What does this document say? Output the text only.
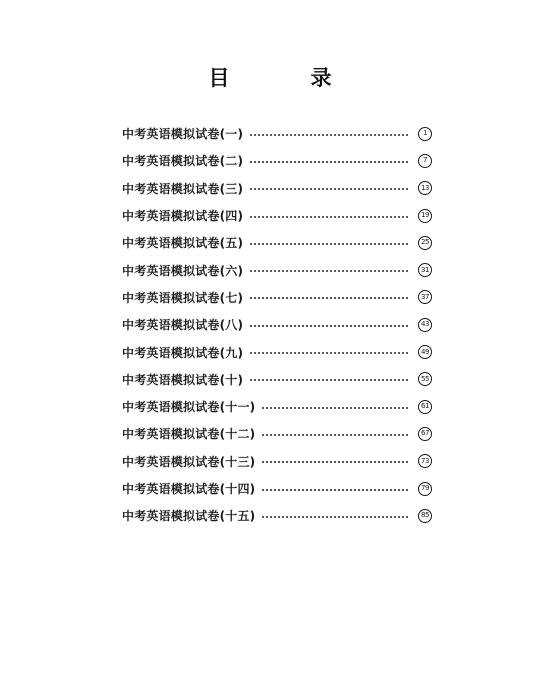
目　录
中考英语模拟试卷(一)	1
中考英语模拟试卷(二)	7
中考英语模拟试卷(三)	13
中考英语模拟试卷(四)	19
中考英语模拟试卷(五)	25
中考英语模拟试卷(六)	31
中考英语模拟试卷(七)	37
中考英语模拟试卷(八)	43
中考英语模拟试卷(九)	49
中考英语模拟试卷(十)	55
中考英语模拟试卷(十一)	61
中考英语模拟试卷(十二)	67
中考英语模拟试卷(十三)	73
中考英语模拟试卷(十四)	79
中考英语模拟试卷(十五)	85
